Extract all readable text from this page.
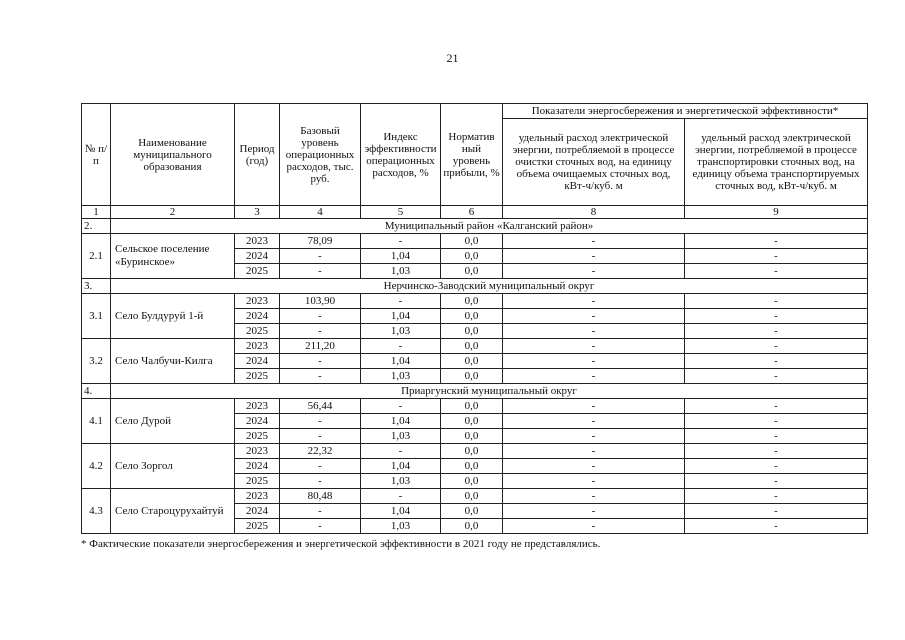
21
№ п/п	Наименование муниципального образования	Период (год)	Базовый уровень операционных расходов, тыс. руб.	Индекс эффективности операционных расходов, %	Норматив ный уровень прибыли, %	Показатели энергосбережения и энергетической эффективности*	
						удельный расход электрической энергии, потребляемой в процессе очистки сточных вод, на единицу объема очищаемых сточных вод, кВт-ч/куб. м	удельный расход электрической энергии, потребляемой в процессе транспортировки сточных вод, на единицу объема транспортируемых сточных вод, кВт-ч/куб. м
1	2	3	4	5	6	8	9
2.	Муниципальный район «Калганский район»						
2.1	Сельское поселение «Буринское»	2023	78,09	-	0,0	-	-
		2024	-	1,04	0,0	-	-
		2025	-	1,03	0,0	-	-
3.	Нерчинско-Заводский муниципальный округ						
3.1	Село Булдуруй 1-й	2023	103,90	-	0,0	-	-
		2024	-	1,04	0,0	-	-
		2025	-	1,03	0,0	-	-
3.2	Село Чалбучи-Килга	2023	211,20	-	0,0	-	-
		2024	-	1,04	0,0	-	-
		2025	-	1,03	0,0	-	-
4.	Приаргунский муниципальный округ						
4.1	Село Дурой	2023	56,44	-	0,0	-	-
		2024	-	1,04	0,0	-	-
		2025	-	1,03	0,0	-	-
4.2	Село Зоргол	2023	22,32	-	0,0	-	-
		2024	-	1,04	0,0	-	-
		2025	-	1,03	0,0	-	-
4.3	Село Староцурухайтуй	2023	80,48	-	0,0	-	-
		2024	-	1,04	0,0	-	-
		2025	-	1,03	0,0	-	-
* Фактические показатели энергосбережения и энергетической эффективности в 2021 году не представлялись.
